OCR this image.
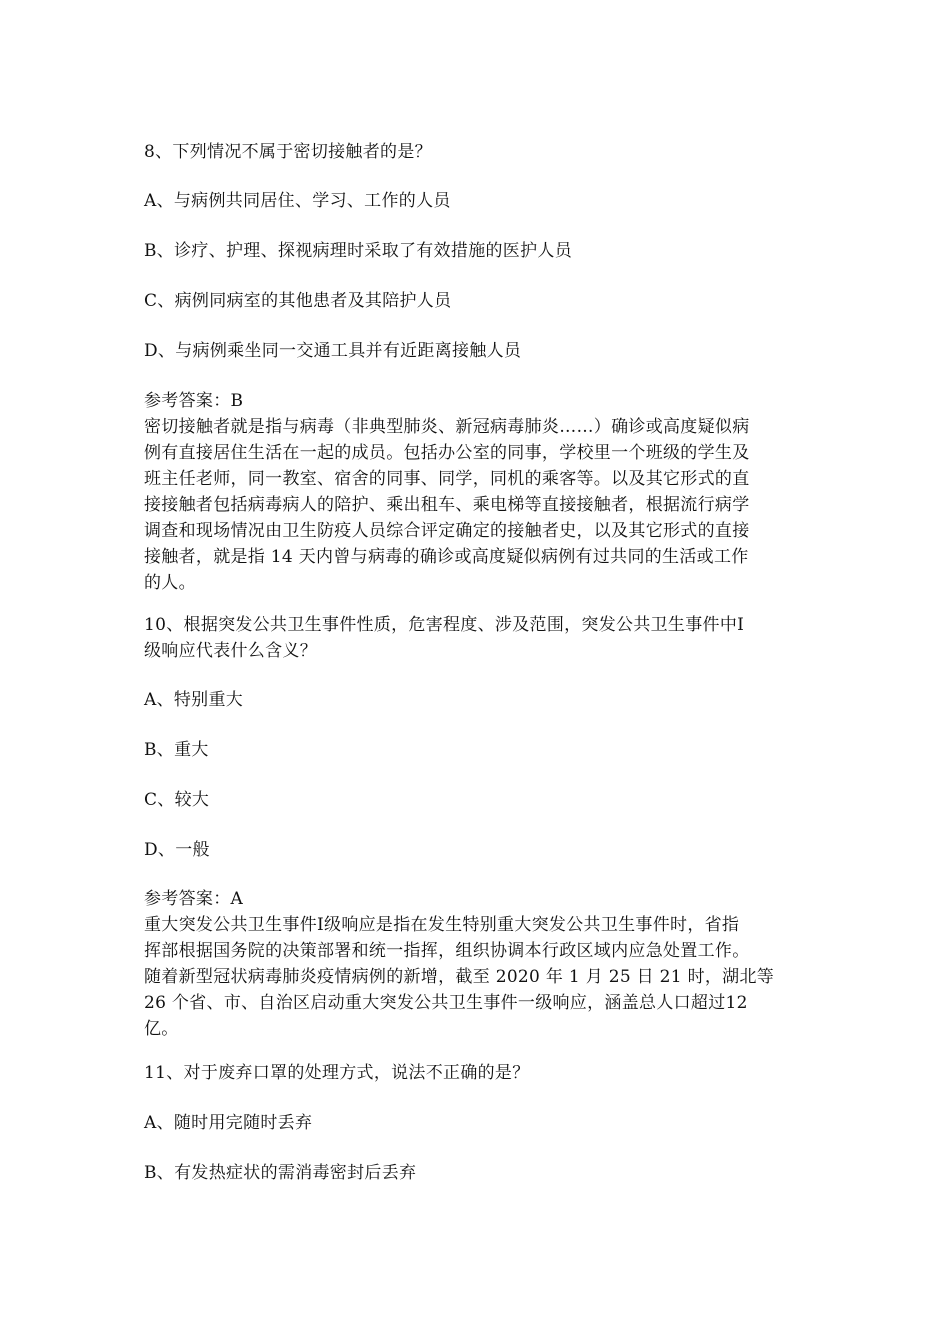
8、下列情况不属于密切接触者的是？
A、与病例共同居住、学习、工作的人员
B、诊疗、护理、探视病理时采取了有效措施的医护人员
C、病例同病室的其他患者及其陪护人员
D、与病例乘坐同一交通工具并有近距离接触人员
参考答案：B
密切接触者就是指与病毒（非典型肺炎、新冠病毒肺炎……）确诊或高度疑似病
例有直接居住生活在一起的成员。包括办公室的同事，学校里一个班级的学生及
班主任老师，同一教室、宿舍的同事、同学，同机的乘客等。以及其它形式的直
接接触者包括病毒病人的陪护、乘出租车、乘电梯等直接接触者，根据流行病学
调查和现场情况由卫生防疫人员综合评定确定的接触者史，以及其它形式的直接
接触者，就是指 14 天内曾与病毒的确诊或高度疑似病例有过共同的生活或工作
的人。
10、根据突发公共卫生事件性质，危害程度、涉及范围，突发公共卫生事件中Ⅰ
级响应代表什么含义？
A、特别重大
B、重大
C、较大
D、一般
参考答案：A
重大突发公共卫生事件Ⅰ级响应是指在发生特别重大突发公共卫生事件时，省指
挥部根据国务院的决策部署和统一指挥，组织协调本行政区域内应急处置工作。
随着新型冠状病毒肺炎疫情病例的新增，截至 2020 年 1 月 25 日 21 时，湖北等
26 个省、市、自治区启动重大突发公共卫生事件一级响应，涵盖总人口超过12
亿。
11、对于废弃口罩的处理方式，说法不正确的是？
A、随时用完随时丢弃
B、有发热症状的需消毒密封后丢弃
